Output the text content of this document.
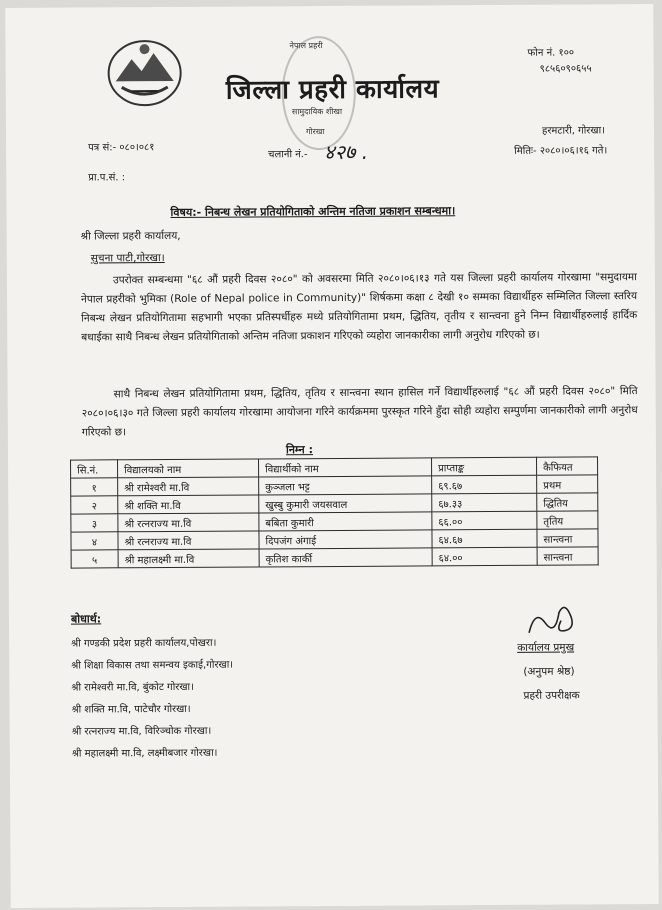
नेपाल प्रहरी
सामुदायिक शीखा
गोरखा
जिल्ला प्रहरी कार्यालय
फोन नं. १००
९८५६०९०६५५
हरमटारी, गोरखा।
मितिः- २०८०।०६।१६ गते।
पत्र सं:- ०८०।०८१
चलानी नं.- ४२७ .
प्रा.प.सं. :
विषय:- निबन्ध लेखन प्रतियोगिताको अन्तिम नतिजा प्रकाशन सम्बन्धमा।
श्री जिल्ला प्रहरी कार्यालय,
सुचना पाटी,गोरखा।
उपरोक्त सम्बन्धमा "६८ औं प्रहरी दिवस २०८०" को अवसरमा मिति २०८०।०६।१३ गते यस जिल्ला प्रहरी कार्यालय गोरखामा "समुदायमा नेपाल प्रहरीको भुमिका (Role of Nepal police in Community)" शिर्षकमा कक्षा ८ देखी १० सम्मका विद्यार्थीहरु सम्मिलित जिल्ला स्तरिय निबन्ध लेखन प्रतियोगितामा सहभागी भएका प्रतिस्पर्धीहरु मध्ये प्रतियोगितामा प्रथम, द्धितिय, तृतीय र सान्त्वना हुने निम्न विद्यार्थीहरुलाई हार्दिक बधाईका साथै निबन्ध लेखन प्रतियोगिताको अन्तिम नतिजा प्रकाशन गरिएको व्यहोरा जानकारीका लागी अनुरोध गरिएको छ।
साथै निबन्ध लेखन प्रतियोगितामा प्रथम, द्धितिय, तृतिय र सान्त्वना स्थान हासिल गर्ने विद्यार्थीहरुलाई "६८ औं प्रहरी दिवस २०८०" मिति २०८०।०६।३० गते जिल्ला प्रहरी कार्यालय गोरखामा आयोजना गरिने कार्यक्रममा पुरस्कृत गरिने हुँदा सोही व्यहोरा सम्पुर्णमा जानकारीको लागी अनुरोध गरिएको छ।
निम्न :
सि.नं.	विद्यालयको नाम	विद्यार्थीको नाम	प्राप्ताङ्क	कैफियत
१	श्री रामेश्वरी मा.वि	कुञ्जला भट्ट	६९.६७	प्रथम
२	श्री शक्ति मा.वि	खुस्बु कुमारी जयसवाल	६७.३३	द्धितिय
३	श्री रत्नराज्य मा.वि	बबिता कुमारी	६६.००	तृतिय
४	श्री रत्नराज्य मा.वि	दिपजंग अंगाई	६४.६७	सान्त्वना
५	श्री महालक्ष्मी मा.वि	कृतिश कार्की	६४.००	सान्त्वना
कार्यालय प्रमुख
(अनुपम श्रेष्ठ)
प्रहरी उपरीक्षक
बोधार्थ:
श्री गण्डकी प्रदेश प्रहरी कार्यालय,पोखरा।
श्री शिक्षा विकास तथा समन्वय इकाई,गोरखा।
श्री रामेश्वरी मा.वि, बुंकोट गोरखा।
श्री शक्ति मा.वि, पाटेचौर गोरखा।
श्री रत्नराज्य मा.वि, विरिञ्चोक गोरखा।
श्री महालक्ष्मी मा.वि, लक्ष्मीबजार गोरखा।
